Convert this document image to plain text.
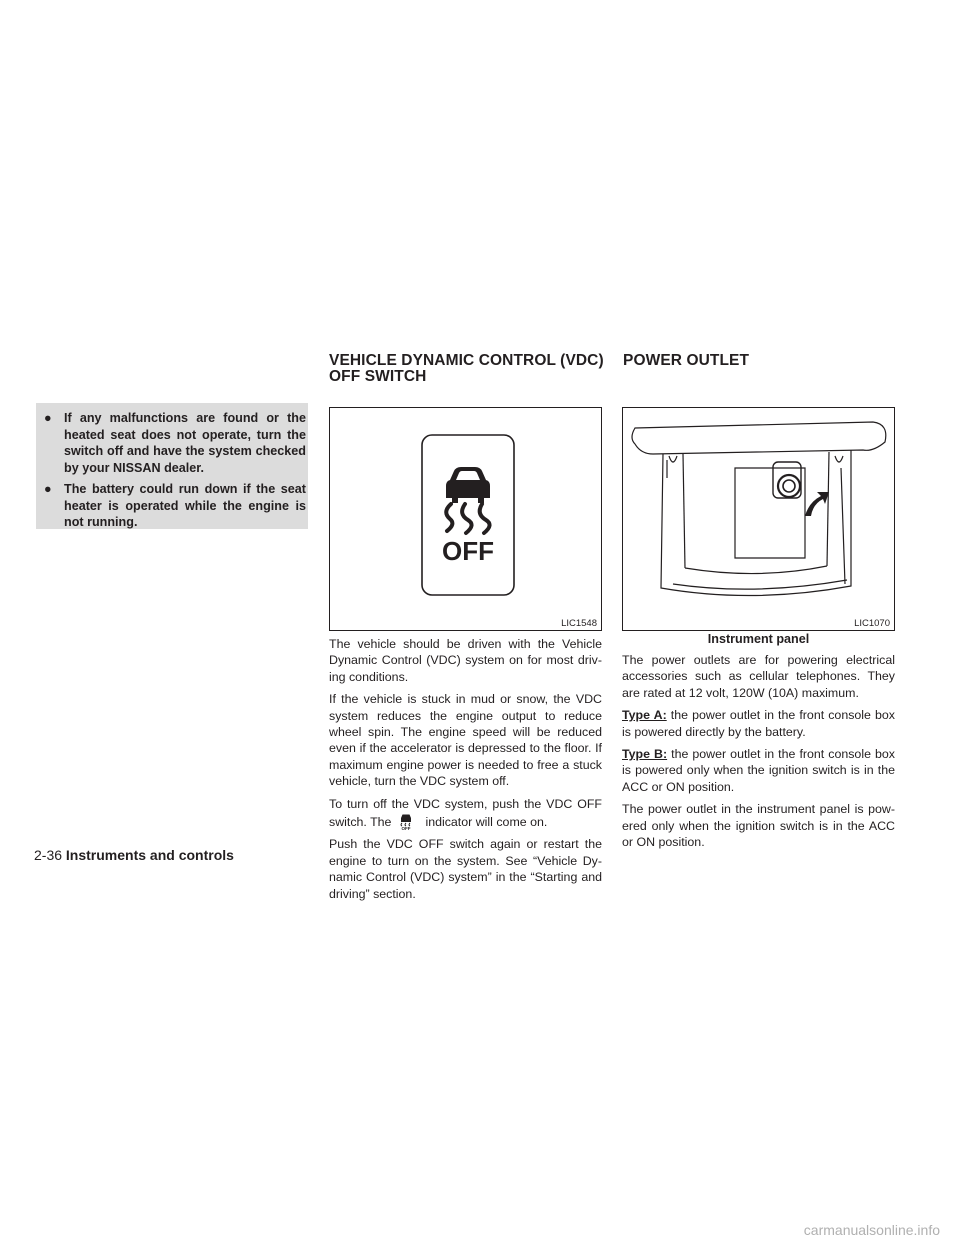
● If any malfunctions are found or the heated seat does not operate, turn the switch off and have the system checked by your NISSAN dealer.
● The battery could run down if the seat heater is operated while the engine is not running.
VEHICLE DYNAMIC CONTROL (VDC)
OFF SWITCH
POWER OUTLET
OFF
LIC1548

The vehicle should be driven with the Vehicle Dynamic Control (VDC) system on for most driv- ing conditions.

If the vehicle is stuck in mud or snow, the VDC system reduces the engine output to reduce wheel spin. The engine speed will be reduced even if the accelerator is depressed to the floor. If maximum engine power is needed to free a stuck vehicle, turn the VDC system off.

To turn off the VDC system, push the VDC OFF switch. The OFF indicator will come on.

Push the VDC OFF switch again or restart the engine to turn on the system. See “Vehicle Dy- namic Control (VDC) system” in the “Starting and driving” section.

LIC1070
Instrument panel

The power outlets are for powering electrical accessories such as cellular telephones. They are rated at 12 volt, 120W (10A) maximum.

Type A: the power outlet in the front console box is powered directly by the battery.

Type B: the power outlet in the front console box is powered only when the ignition switch is in the ACC or ON position.

The power outlet in the instrument panel is pow- ered only when the ignition switch is in the ACC or ON position.

2-36 Instruments and controls
carmanualsonline.info
